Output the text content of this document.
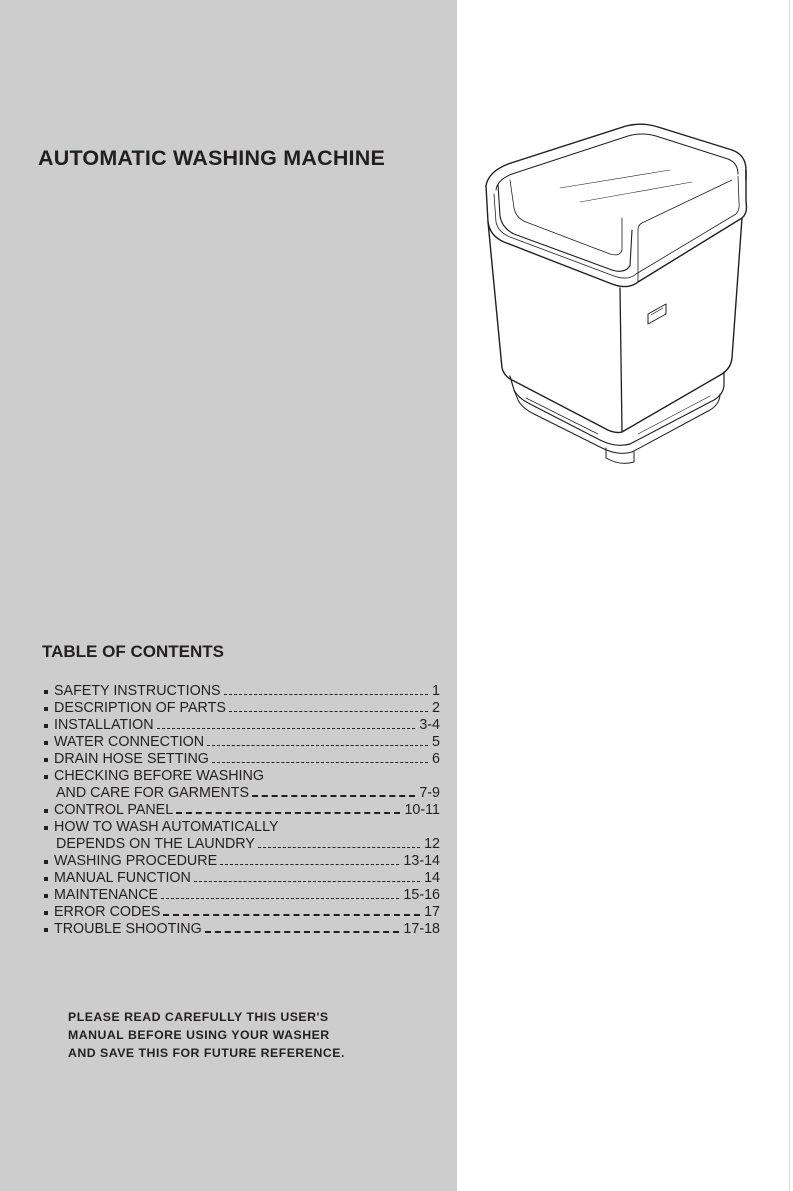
AUTOMATIC WASHING MACHINE
TABLE OF CONTENTS
SAFETY INSTRUCTIONS	1
DESCRIPTION OF PARTS	2
INSTALLATION	3-4
WATER CONNECTION	5
DRAIN HOSE SETTING	6
CHECKING BEFORE WASHING
AND CARE FOR GARMENTS	7-9
CONTROL PANEL	10-11
HOW TO WASH AUTOMATICALLY
DEPENDS ON THE LAUNDRY	12
WASHING PROCEDURE	13-14
MANUAL FUNCTION	14
MAINTENANCE	15-16
ERROR CODES	17
TROUBLE SHOOTING	17-18

PLEASE READ CAREFULLY THIS USER'S
MANUAL BEFORE USING YOUR WASHER
AND SAVE THIS FOR FUTURE REFERENCE.
